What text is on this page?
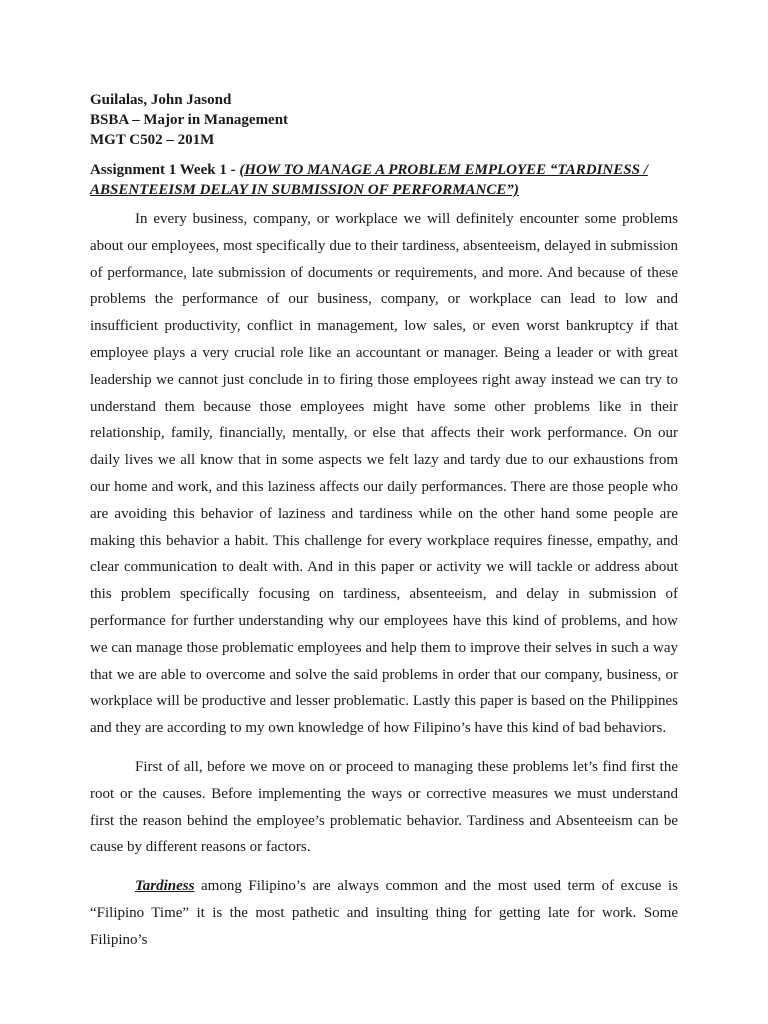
Guilalas, John Jasond

BSBA – Major in Management

MGT C502 – 201M

Assignment 1 Week 1 - (HOW TO MANAGE A PROBLEM EMPLOYEE “TARDINESS / ABSENTEEISM DELAY IN SUBMISSION OF PERFORMANCE”)

In every business, company, or workplace we will definitely encounter some problems about our employees, most specifically due to their tardiness, absenteeism, delayed in submission of performance, late submission of documents or requirements, and more. And because of these problems the performance of our business, company, or workplace can lead to low and insufficient productivity, conflict in management, low sales, or even worst bankruptcy if that employee plays a very crucial role like an accountant or manager. Being a leader or with great leadership we cannot just conclude in to firing those employees right away instead we can try to understand them because those employees might have some other problems like in their relationship, family, financially, mentally, or else that affects their work performance. On our daily lives we all know that in some aspects we felt lazy and tardy due to our exhaustions from our home and work, and this laziness affects our daily performances. There are those people who are avoiding this behavior of laziness and tardiness while on the other hand some people are making this behavior a habit. This challenge for every workplace requires finesse, empathy, and clear communication to dealt with. And in this paper or activity we will tackle or address about this problem specifically focusing on tardiness, absenteeism, and delay in submission of performance for further understanding why our employees have this kind of problems, and how we can manage those problematic employees and help them to improve their selves in such a way that we are able to overcome and solve the said problems in order that our company, business, or workplace will be productive and lesser problematic. Lastly this paper is based on the Philippines and they are according to my own knowledge of how Filipino’s have this kind of bad behaviors.

First of all, before we move on or proceed to managing these problems let’s find first the root or the causes. Before implementing the ways or corrective measures we must understand first the reason behind the employee’s problematic behavior. Tardiness and Absenteeism can be cause by different reasons or factors.

Tardiness among Filipino’s are always common and the most used term of excuse is “Filipino Time” it is the most pathetic and insulting thing for getting late for work. Some Filipino’s
